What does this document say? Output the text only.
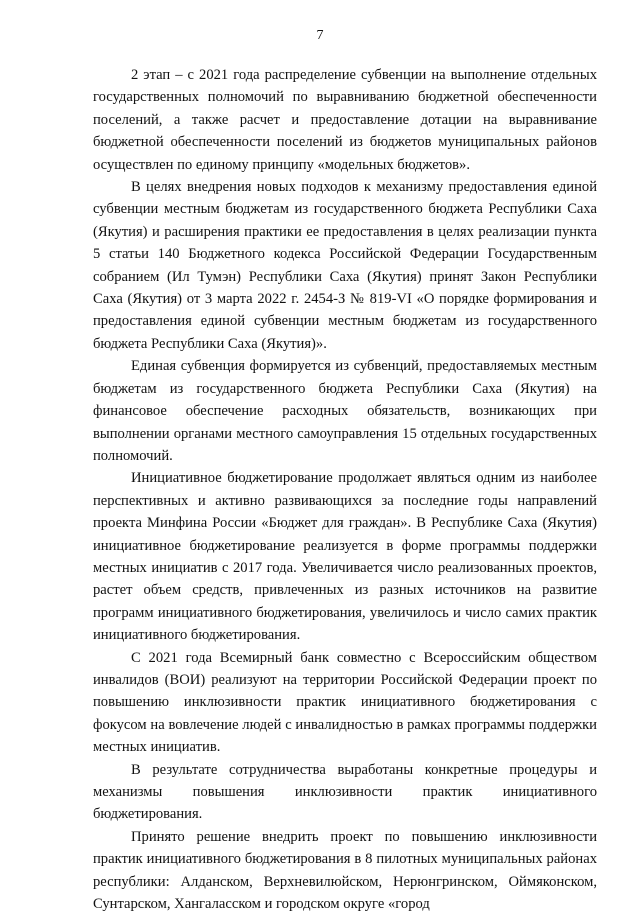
7

2 этап – с 2021 года распределение субвенции на выполнение отдельных государственных полномочий по выравниванию бюджетной обеспеченности поселений, а также расчет и предоставление дотации на выравнивание бюджетной обеспеченности поселений из бюджетов муниципальных районов осуществлен по единому принципу «модельных бюджетов».

В целях внедрения новых подходов к механизму предоставления единой субвенции местным бюджетам из государственного бюджета Республики Саха (Якутия) и расширения практики ее предоставления в целях реализации пункта 5 статьи 140 Бюджетного кодекса Российской Федерации Государственным собранием (Ил Тумэн) Республики Саха (Якутия) принят Закон Республики Саха (Якутия) от 3 марта 2022 г. 2454-З № 819-VI «О порядке формирования и предоставления единой субвенции местным бюджетам из государственного бюджета Республики Саха (Якутия)».

Единая субвенция формируется из субвенций, предоставляемых местным бюджетам из государственного бюджета Республики Саха (Якутия) на финансовое обеспечение расходных обязательств, возникающих при выполнении органами местного самоуправления 15 отдельных государственных полномочий.

Инициативное бюджетирование продолжает являться одним из наиболее перспективных и активно развивающихся за последние годы направлений проекта Минфина России «Бюджет для граждан». В Республике Саха (Якутия) инициативное бюджетирование реализуется в форме программы поддержки местных инициатив с 2017 года. Увеличивается число реализованных проектов, растет объем средств, привлеченных из разных источников на развитие программ инициативного бюджетирования, увеличилось и число самих практик инициативного бюджетирования.

С 2021 года Всемирный банк совместно с Всероссийским обществом инвалидов (ВОИ) реализуют на территории Российской Федерации проект по повышению инклюзивности практик инициативного бюджетирования с фокусом на вовлечение людей с инвалидностью в рамках программы поддержки местных инициатив.

В результате сотрудничества выработаны конкретные процедуры и механизмы повышения инклюзивности практик инициативного бюджетирования.

Принято решение внедрить проект по повышению инклюзивности практик инициативного бюджетирования в 8 пилотных муниципальных районах республики: Алданском, Верхневилюйском, Нерюнгринском, Оймяконском, Сунтарском, Хангаласском и городском округе «город
